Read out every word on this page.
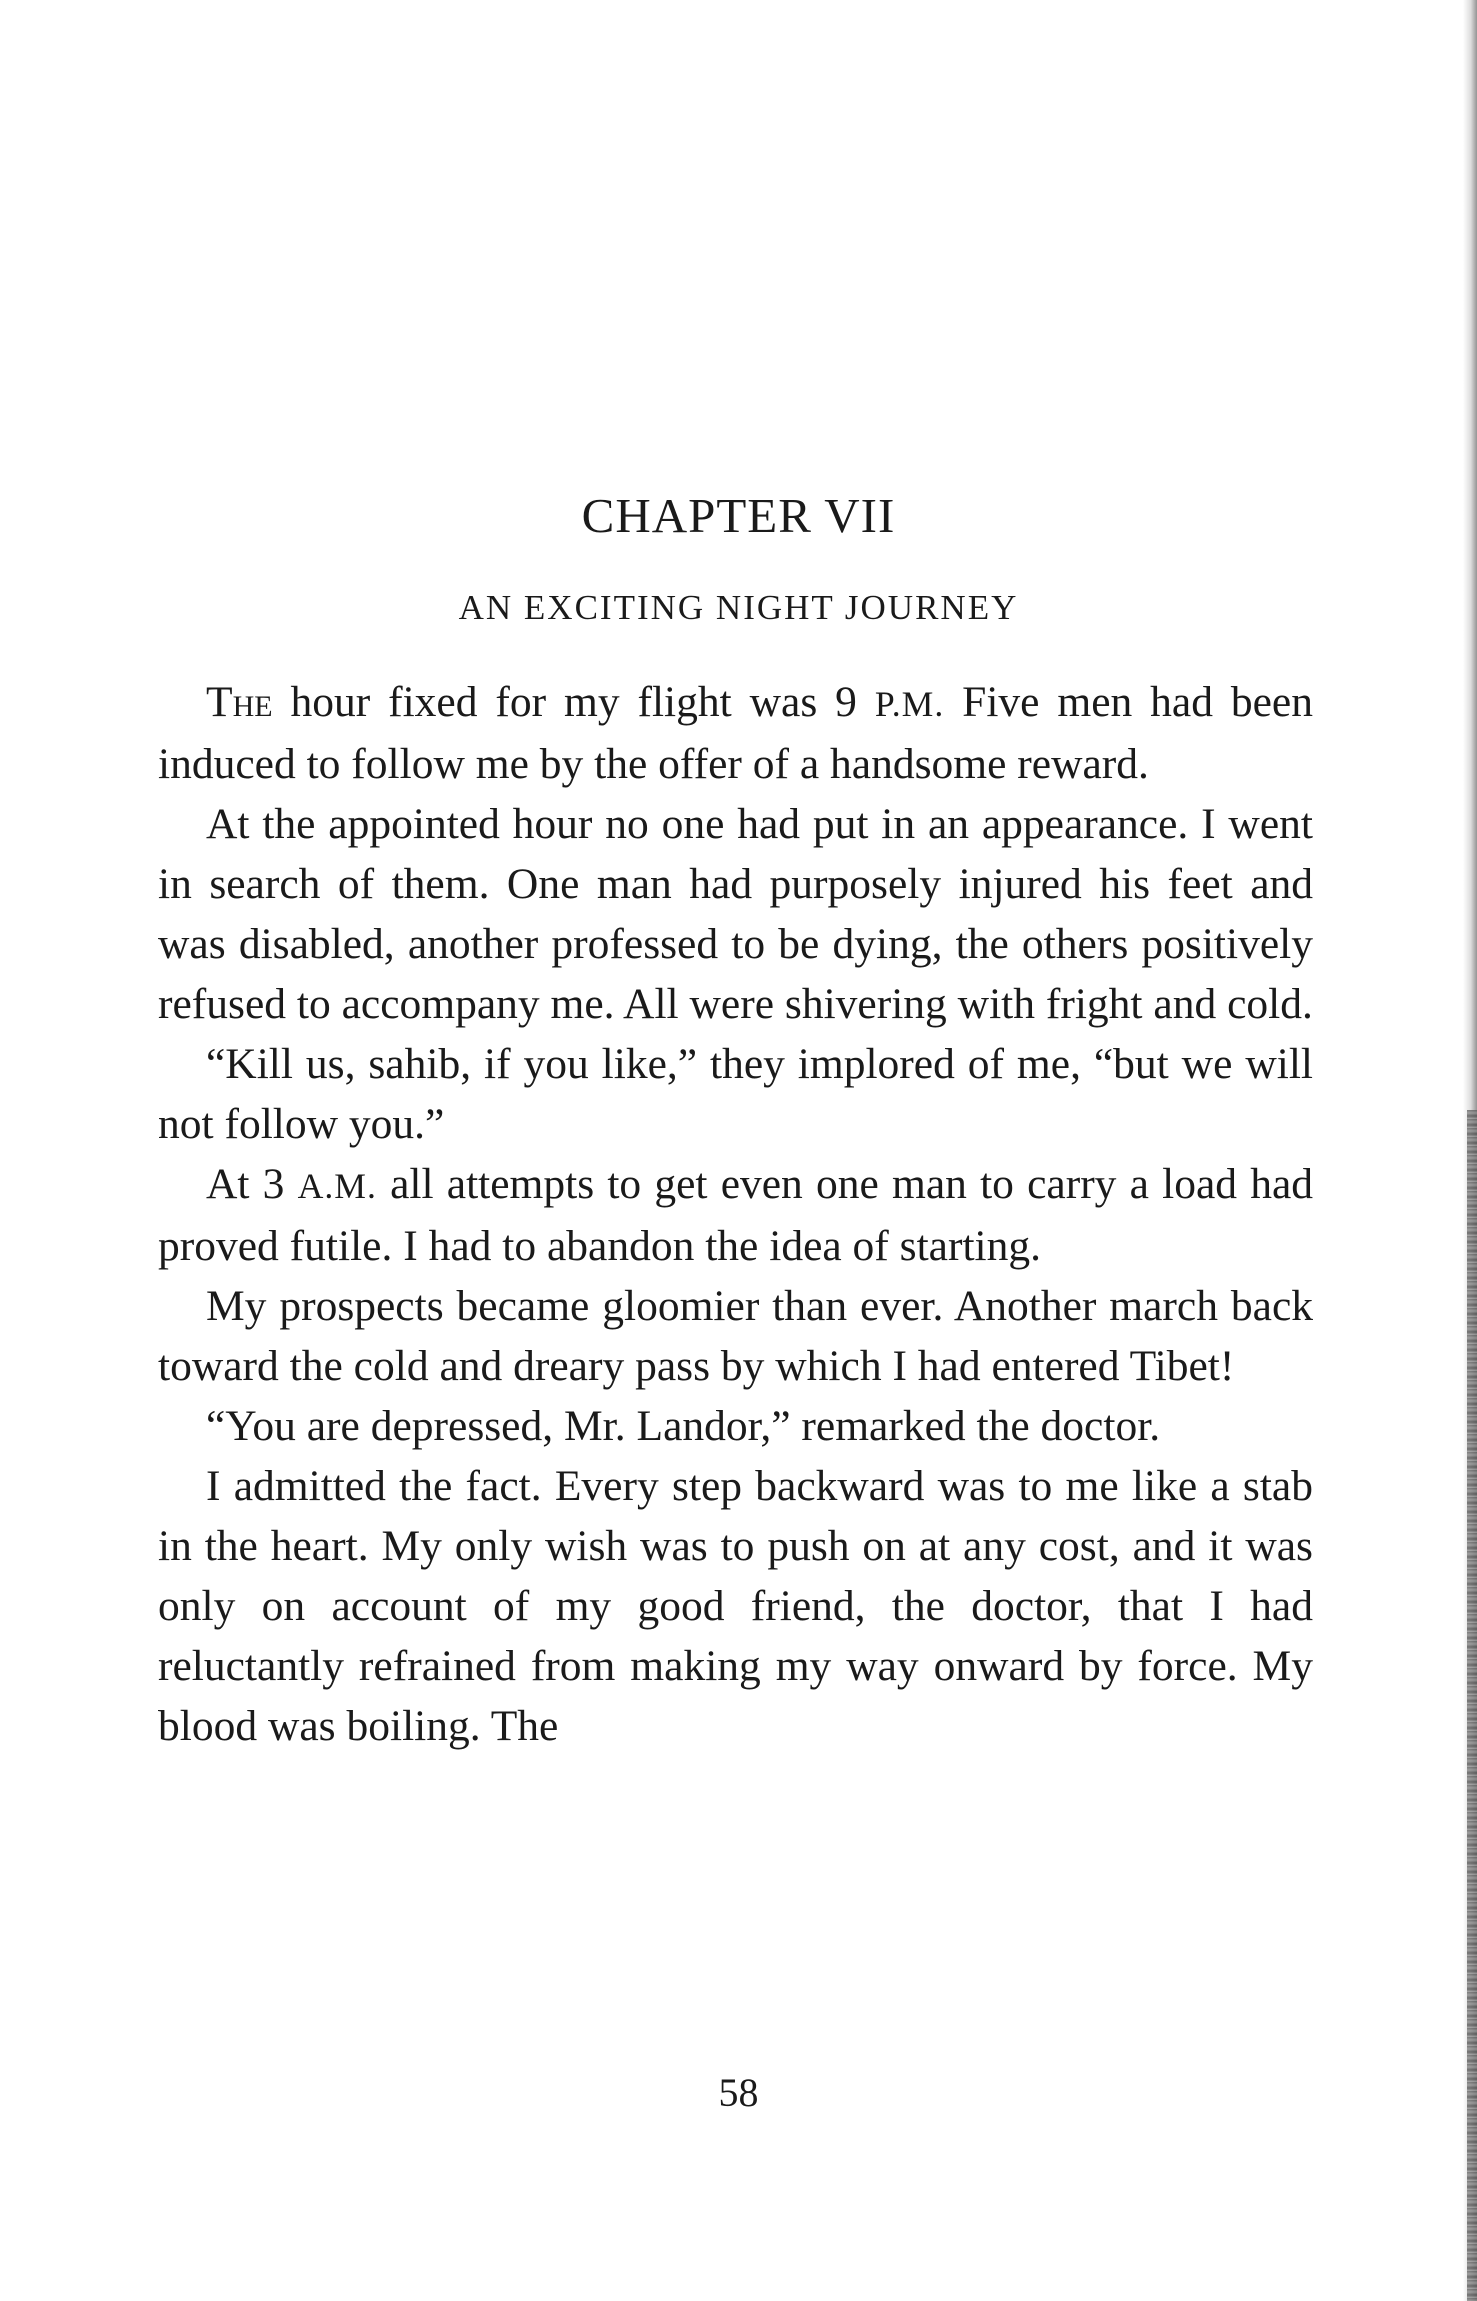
CHAPTER VII
AN EXCITING NIGHT JOURNEY

The hour fixed for my flight was 9 P.M. Five men had been induced to follow me by the offer of a handsome reward.

At the appointed hour no one had put in an appearance. I went in search of them. One man had purposely injured his feet and was disabled, another professed to be dying, the others positively refused to accompany me. All were shivering with fright and cold.

“Kill us, sahib, if you like,” they implored of me, “but we will not follow you.”

At 3 A.M. all attempts to get even one man to carry a load had proved futile. I had to abandon the idea of starting.

My prospects became gloomier than ever. Another march back toward the cold and dreary pass by which I had entered Tibet!

“You are depressed, Mr. Landor,” remarked the doctor.

I admitted the fact. Every step backward was to me like a stab in the heart. My only wish was to push on at any cost, and it was only on account of my good friend, the doctor, that I had reluctantly refrained from making my way onward by force. My blood was boiling. The

58
